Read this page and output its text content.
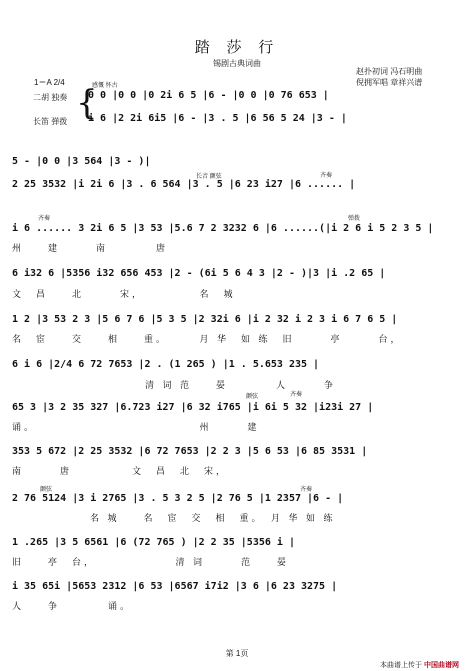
踏 莎 行
锡剧古典词曲
赵扑初词 冯石明曲
倪拥军唱 章祥兴谱
1＝A 2/4	感慨 怀古
二胡 独奏
长笛 弹拨 {
0 0 |0 0 |0 2i 6 5 |6 - |0 0 |0 76 653 |
i 6 |2 2i 6i5 |6 - |3 . 5 |6 56 5 24 |3 - |
5 - |0 0 |3 564 |3 - )|
长音 颤弦	齐奏
2 25 3532 |i 2i 6 |3 . 6 564 |3 . 5 |6 23 i27 |6 ...... |
齐奏	弹拨
i 6 ...... 3 2i 6 5 |3 53 |5.6 7 2 3232 6 |6 ......(|i 2 6 i 5 2 3 5 |
州　　建　　　南　　　　唐
6 i32 6 |5356 i32 656 453 |2 - (6i 5 6 4 3 |2 - )|3 |i .2 65 |
文　昌　　北　　　宋，　　　　　名　城
1 2 |3 53 2 3 |5 6 7 6 |5 3 5 |2 32i 6 |i 2 32 i 2 3 i 6 7 6 5 |
名　宦　　交　　相　　重。　　　月 华　如 练　旧　　　亭　　　台，
6 i 6 |2/4 6 72 7653 |2 . (1 265 ) |1 . 5.653 235 |
清 词 范　　晏　　　　人　　　争
颤弦	齐奏
65 3 |3 2 35 327 |6.723 i27 |6 32 i765 |i 6i 5 32 |i23i 27 |
诵。　　　　　　　　　　　　　　州　　　建
353 5 672 |2 25 3532 |6 72 7653 |2 2 3 |5 6 53 |6 85 3531 |
南　　　唐　　　　　文　昌　北　宋，
颤弦	齐奏
2 76 5124 |3 i 2765 |3 . 5 3 2 5 |2 76 5 |1 2357 |6 - |
名 城　　名　宦　交　相　重。　月 华 如 练
1 .265 |3 5 6561 |6 (72 765 ) |2 2 35 |5356 i |
旧　　亭　台，　　　　　　　清 词　　　范　　晏
i 35 65i |5653 2312 |6 53 |6567 i7i2 |3 6 |6 23 3275 |
人　　争　　　　诵。
第 1页
本曲谱上传于 中国曲谱网
